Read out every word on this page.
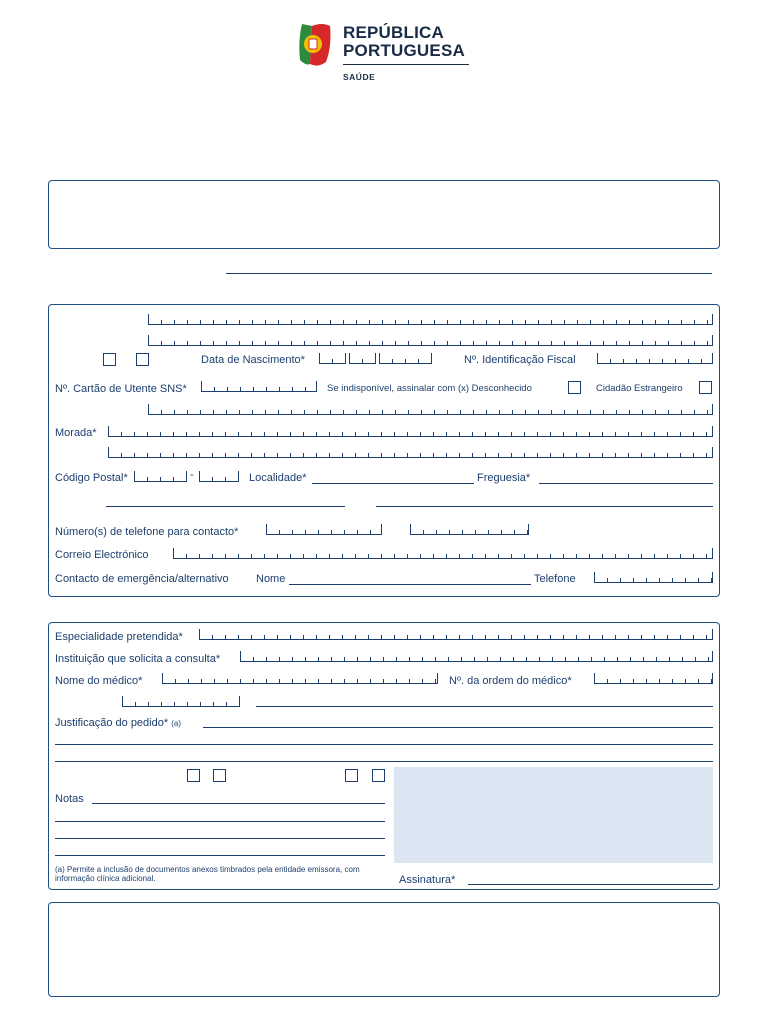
REPÚBLICA
PORTUGUESA
SAÚDE
Data de Nascimento*	Nº. Identificação Fiscal
Nº. Cartão de Utente SNS*	Se indisponível, assinalar com (x) Desconhecido	Cidadão Estrangeiro
Morada*
Código Postal*	-	Localidade*	Freguesia*
Número(s) de telefone para contacto*
Correio Electrónico
Contacto de emergência/alternativo Nome	Telefone
Especialidade pretendida*
Instituição que solicita a consulta*
Nome do médico*	Nº. da ordem do médico*
Justificação do pedido* (a)
Notas
(a) Permite a inclusão de documentos anexos timbrados pela entidade emissora, com informação clínica adicional.	Assinatura*
